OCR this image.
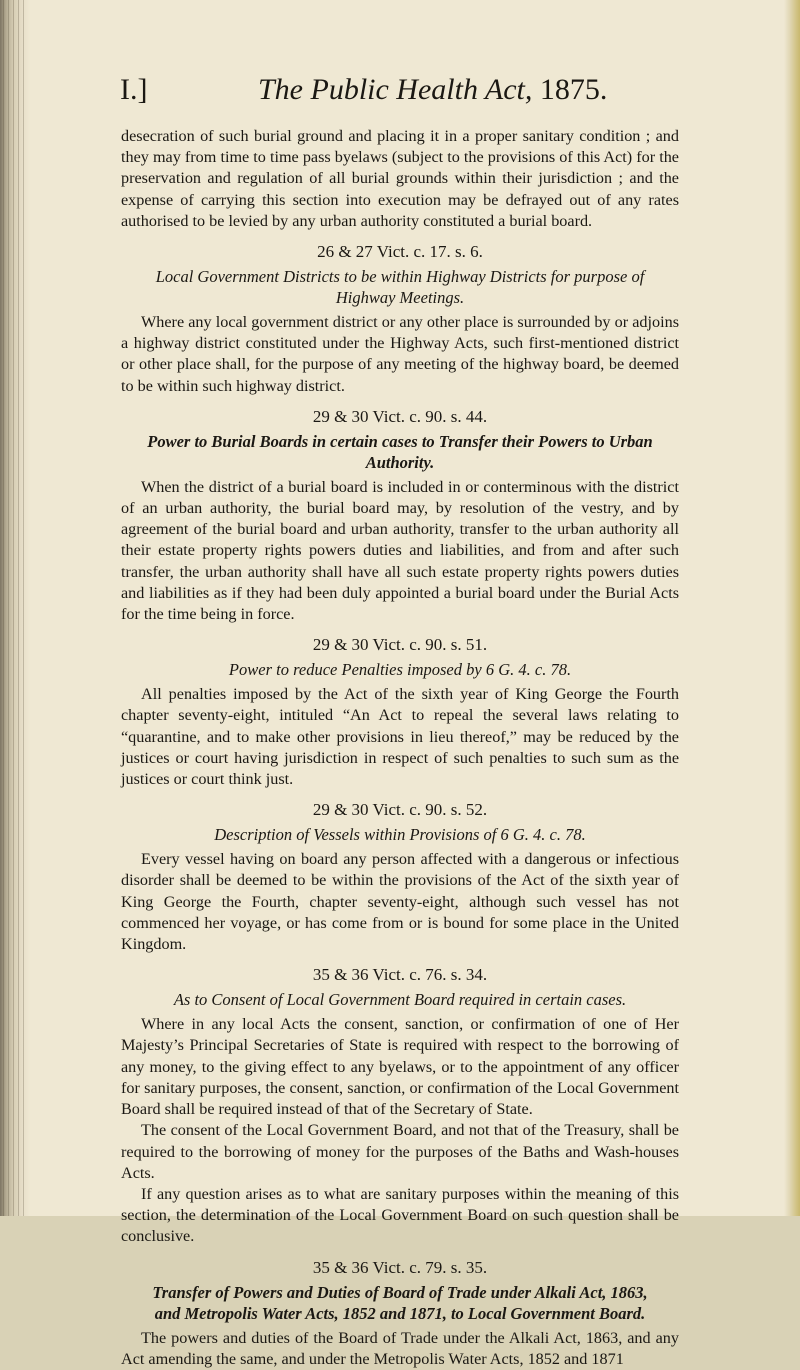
I.]	The Public Health Act, 1875.

desecration of such burial ground and placing it in a proper sanitary condition ; and they may from time to time pass byelaws (subject to the provisions of this Act) for the preservation and regulation of all burial grounds within their jurisdiction ; and the expense of carrying this section into execution may be defrayed out of any rates authorised to be levied by any urban authority constituted a burial board.

26 & 27 Vict. c. 17. s. 6.
Local Government Districts to be within Highway Districts for purpose of Highway Meetings.

Where any local government district or any other place is surrounded by or adjoins a highway district constituted under the Highway Acts, such first-mentioned district or other place shall, for the purpose of any meeting of the highway board, be deemed to be within such highway district.

29 & 30 Vict. c. 90. s. 44.
Power to Burial Boards in certain cases to Transfer their Powers to Urban Authority.

When the district of a burial board is included in or conterminous with the district of an urban authority, the burial board may, by resolution of the vestry, and by agreement of the burial board and urban authority, transfer to the urban authority all their estate property rights powers duties and liabilities, and from and after such transfer, the urban authority shall have all such estate property rights powers duties and liabilities as if they had been duly appointed a burial board under the Burial Acts for the time being in force.

29 & 30 Vict. c. 90. s. 51.
Power to reduce Penalties imposed by 6 G. 4. c. 78.

All penalties imposed by the Act of the sixth year of King George the Fourth chapter seventy-eight, intituled “An Act to repeal the several laws relating to “quarantine, and to make other provisions in lieu thereof,” may be reduced by the justices or court having jurisdiction in respect of such penalties to such sum as the justices or court think just.

29 & 30 Vict. c. 90. s. 52.
Description of Vessels within Provisions of 6 G. 4. c. 78.

Every vessel having on board any person affected with a dangerous or infectious disorder shall be deemed to be within the provisions of the Act of the sixth year of King George the Fourth, chapter seventy-eight, although such vessel has not commenced her voyage, or has come from or is bound for some place in the United Kingdom.

35 & 36 Vict. c. 76. s. 34.
As to Consent of Local Government Board required in certain cases.

Where in any local Acts the consent, sanction, or confirmation of one of Her Majesty’s Principal Secretaries of State is required with respect to the borrowing of any money, to the giving effect to any byelaws, or to the appointment of any officer for sanitary purposes, the consent, sanction, or confirmation of the Local Government Board shall be required instead of that of the Secretary of State.

The consent of the Local Government Board, and not that of the Treasury, shall be required to the borrowing of money for the purposes of the Baths and Wash-houses Acts.

If any question arises as to what are sanitary purposes within the meaning of this section, the determination of the Local Government Board on such question shall be conclusive.

35 & 36 Vict. c. 79. s. 35.
Transfer of Powers and Duties of Board of Trade under Alkali Act, 1863, and Metropolis Water Acts, 1852 and 1871, to Local Government Board.

The powers and duties of the Board of Trade under the Alkali Act, 1863, and any Act amending the same, and under the Metropolis Water Acts, 1852 and 1871
